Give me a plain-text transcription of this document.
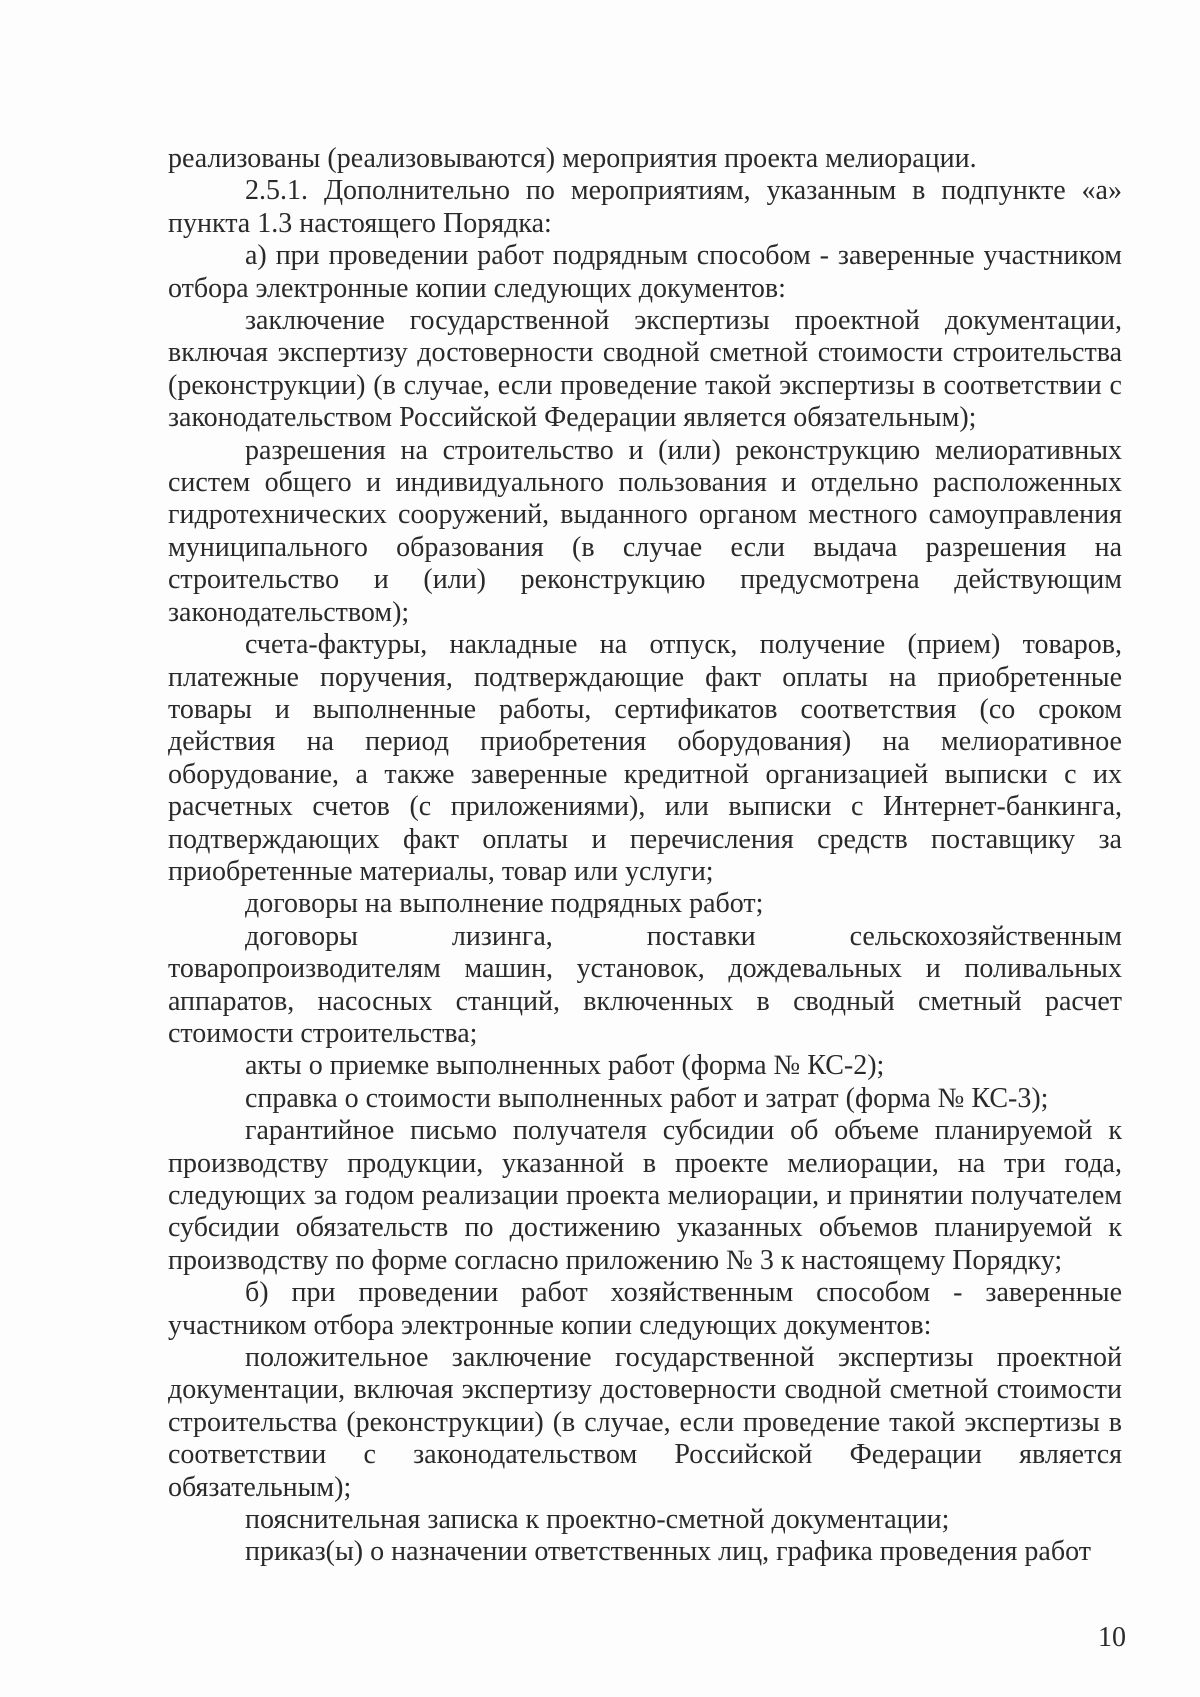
реализованы (реализовываются) мероприятия проекта мелиорации.

2.5.1. Дополнительно по мероприятиям, указанным в подпункте «а» пункта 1.3 настоящего Порядка:

а) при проведении работ подрядным способом - заверенные участником отбора электронные копии следующих документов:

заключение государственной экспертизы проектной документации, включая экспертизу достоверности сводной сметной стоимости строительства (реконструкции) (в случае, если проведение такой экспертизы в соответствии с законодательством Российской Федерации является обязательным);

разрешения на строительство и (или) реконструкцию мелиоративных систем общего и индивидуального пользования и отдельно расположенных гидротехнических сооружений, выданного органом местного самоуправления муниципального образования (в случае если выдача разрешения на строительство и (или) реконструкцию предусмотрена действующим законодательством);

счета-фактуры, накладные на отпуск, получение (прием) товаров, платежные поручения, подтверждающие факт оплаты на приобретенные товары и выполненные работы, сертификатов соответствия (со сроком действия на период приобретения оборудования) на мелиоративное оборудование, а также заверенные кредитной организацией выписки с их расчетных счетов (с приложениями), или выписки с Интернет-банкинга, подтверждающих факт оплаты и перечисления средств поставщику за приобретенные материалы, товар или услуги;

договоры на выполнение подрядных работ;

договоры лизинга, поставки сельскохозяйственным товаропроизводителям машин, установок, дождевальных и поливальных аппаратов, насосных станций, включенных в сводный сметный расчет стоимости строительства;

акты о приемке выполненных работ (форма № КС-2);

справка о стоимости выполненных работ и затрат (форма № КС-3);

гарантийное письмо получателя субсидии об объеме планируемой к производству продукции, указанной в проекте мелиорации, на три года, следующих за годом реализации проекта мелиорации, и принятии получателем субсидии обязательств по достижению указанных объемов планируемой к производству по форме согласно приложению № 3 к настоящему Порядку;

б) при проведении работ хозяйственным способом - заверенные участником отбора электронные копии следующих документов:

положительное заключение государственной экспертизы проектной документации, включая экспертизу достоверности сводной сметной стоимости строительства (реконструкции) (в случае, если проведение такой экспертизы в соответствии с законодательством Российской Федерации является обязательным);

пояснительная записка к проектно-сметной документации;

приказ(ы) о назначении ответственных лиц, графика проведения работ

10
